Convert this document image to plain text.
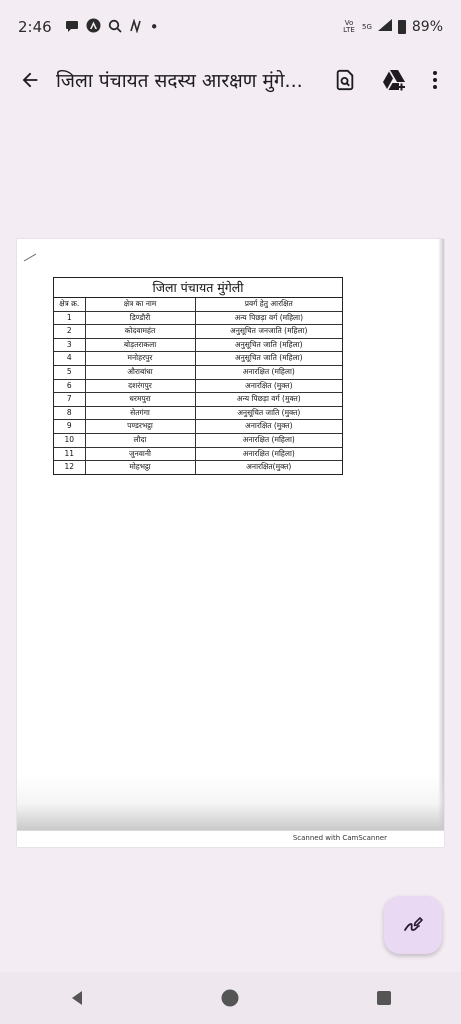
2:46	•	Vo LTE 5G	89%
जिला पंचायत सदस्य आरक्षण मुंगे...
जिला पंचायत मुंगेली
क्षेत्र क्र.	क्षेत्र का नाम	प्रवर्ग हेतु आरक्षित
1	डिण्डौरी	अन्य पिछड़ा वर्ग (महिला)
2	कोदवामहंत	अनुसूचित जनजाति (महिला)
3	बोड़तराकला	अनुसूचित जाति (महिला)
4	मनोहरपुर	अनुसूचित जाति (महिला)
5	औराबांधा	अनारक्षित (महिला)
6	दशरंगपुर	अनारक्षित (मुक्त)
7	धरमपुरा	अन्य पिछड़ा वर्ग (मुक्त)
8	सेतगंगा	अनुसूचित जाति (मुक्त)
9	पण्डरभट्ठा	अनारक्षित (मुक्त)
10	लौदा	अनारक्षित (महिला)
11	जुनवानी	अनारक्षित (महिला)
12	मोहभट्ठा	अनारक्षित(मुक्त)
Scanned with CamScanner
